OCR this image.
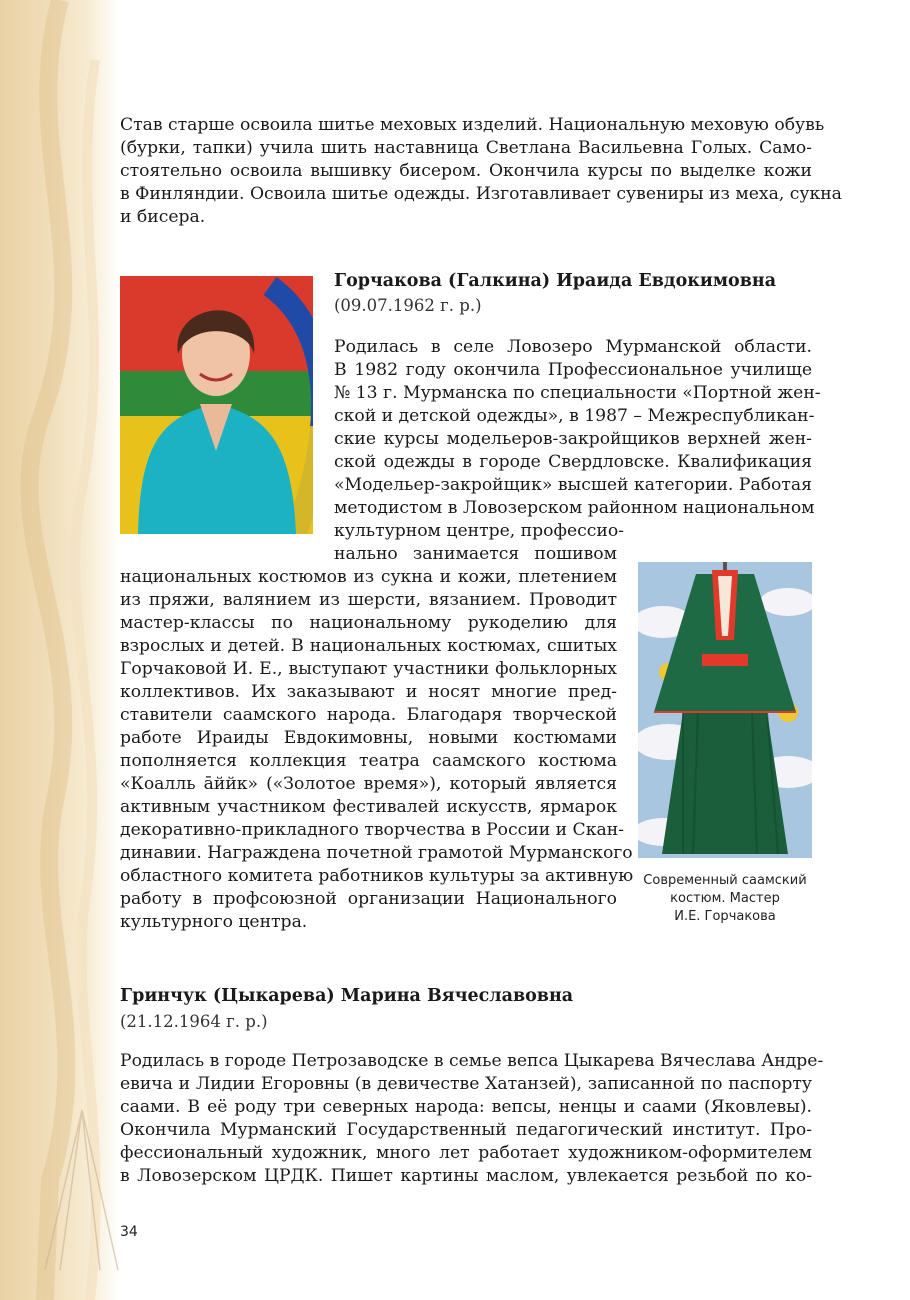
Став старше освоила шитье меховых изделий. Национальную меховую обувь
(бурки, тапки) учила шить наставница Светлана Васильевна Голых. Само-
стоятельно освоила вышивку бисером. Окончила курсы по выделке кожи
в Финляндии. Освоила шитье одежды. Изготавливает сувениры из меха, сукна
и бисера.

Горчакова (Галкина) Ираида Евдокимовна

(09.07.1962 г. р.)

Родилась в селе Ловозеро Мурманской области.
В 1982 году окончила Профессиональное училище
№ 13 г. Мурманска по специальности «Портной жен-
ской и детской одежды», в 1987 – Межреспубликан-
ские курсы модельеров-закройщиков верхней жен-
ской одежды в городе Свердловске. Квалификация
«Модельер-закройщик» высшей категории. Работая
методистом в Ловозерском районном национальном
культурном центре, профессио-
нально занимается пошивом
национальных костюмов из сукна и кожи, плетением
из пряжи, валянием из шерсти, вязанием. Проводит
мастер-классы по национальному рукоделию для
взрослых и детей. В национальных костюмах, сшитых
Горчаковой И. Е., выступают участники фольклорных
коллективов. Их заказывают и носят многие пред-
ставители саамского народа. Благодаря творческой
работе Ираиды Евдокимовны, новыми костюмами
пополняется коллекция театра саамского костюма
«Коалль а̄ййк» («Золотое время»), который является
активным участником фестивалей искусств, ярмарок
декоративно-прикладного творчества в России и Скан-
динавии. Награждена почетной грамотой Мурманского
областного комитета работников культуры за активную
работу в профсоюзной организации Национального
культурного центра.
Современный саамский
костюм. Мастер
И.Е. Горчакова

Гринчук (Цыкарева) Марина Вячеславовна

(21.12.1964 г. р.)

Родилась в городе Петрозаводске в семье вепса Цыкарева Вячеслава Андре-
евича и Лидии Егоровны (в девичестве Хатанзей), записанной по паспорту
саами. В её роду три северных народа: вепсы, ненцы и саами (Яковлевы).
Окончила Мурманский Государственный педагогический институт. Про-
фессиональный художник, много лет работает художником-оформителем
в Ловозерском ЦРДК. Пишет картины маслом, увлекается резьбой по ко-
34
